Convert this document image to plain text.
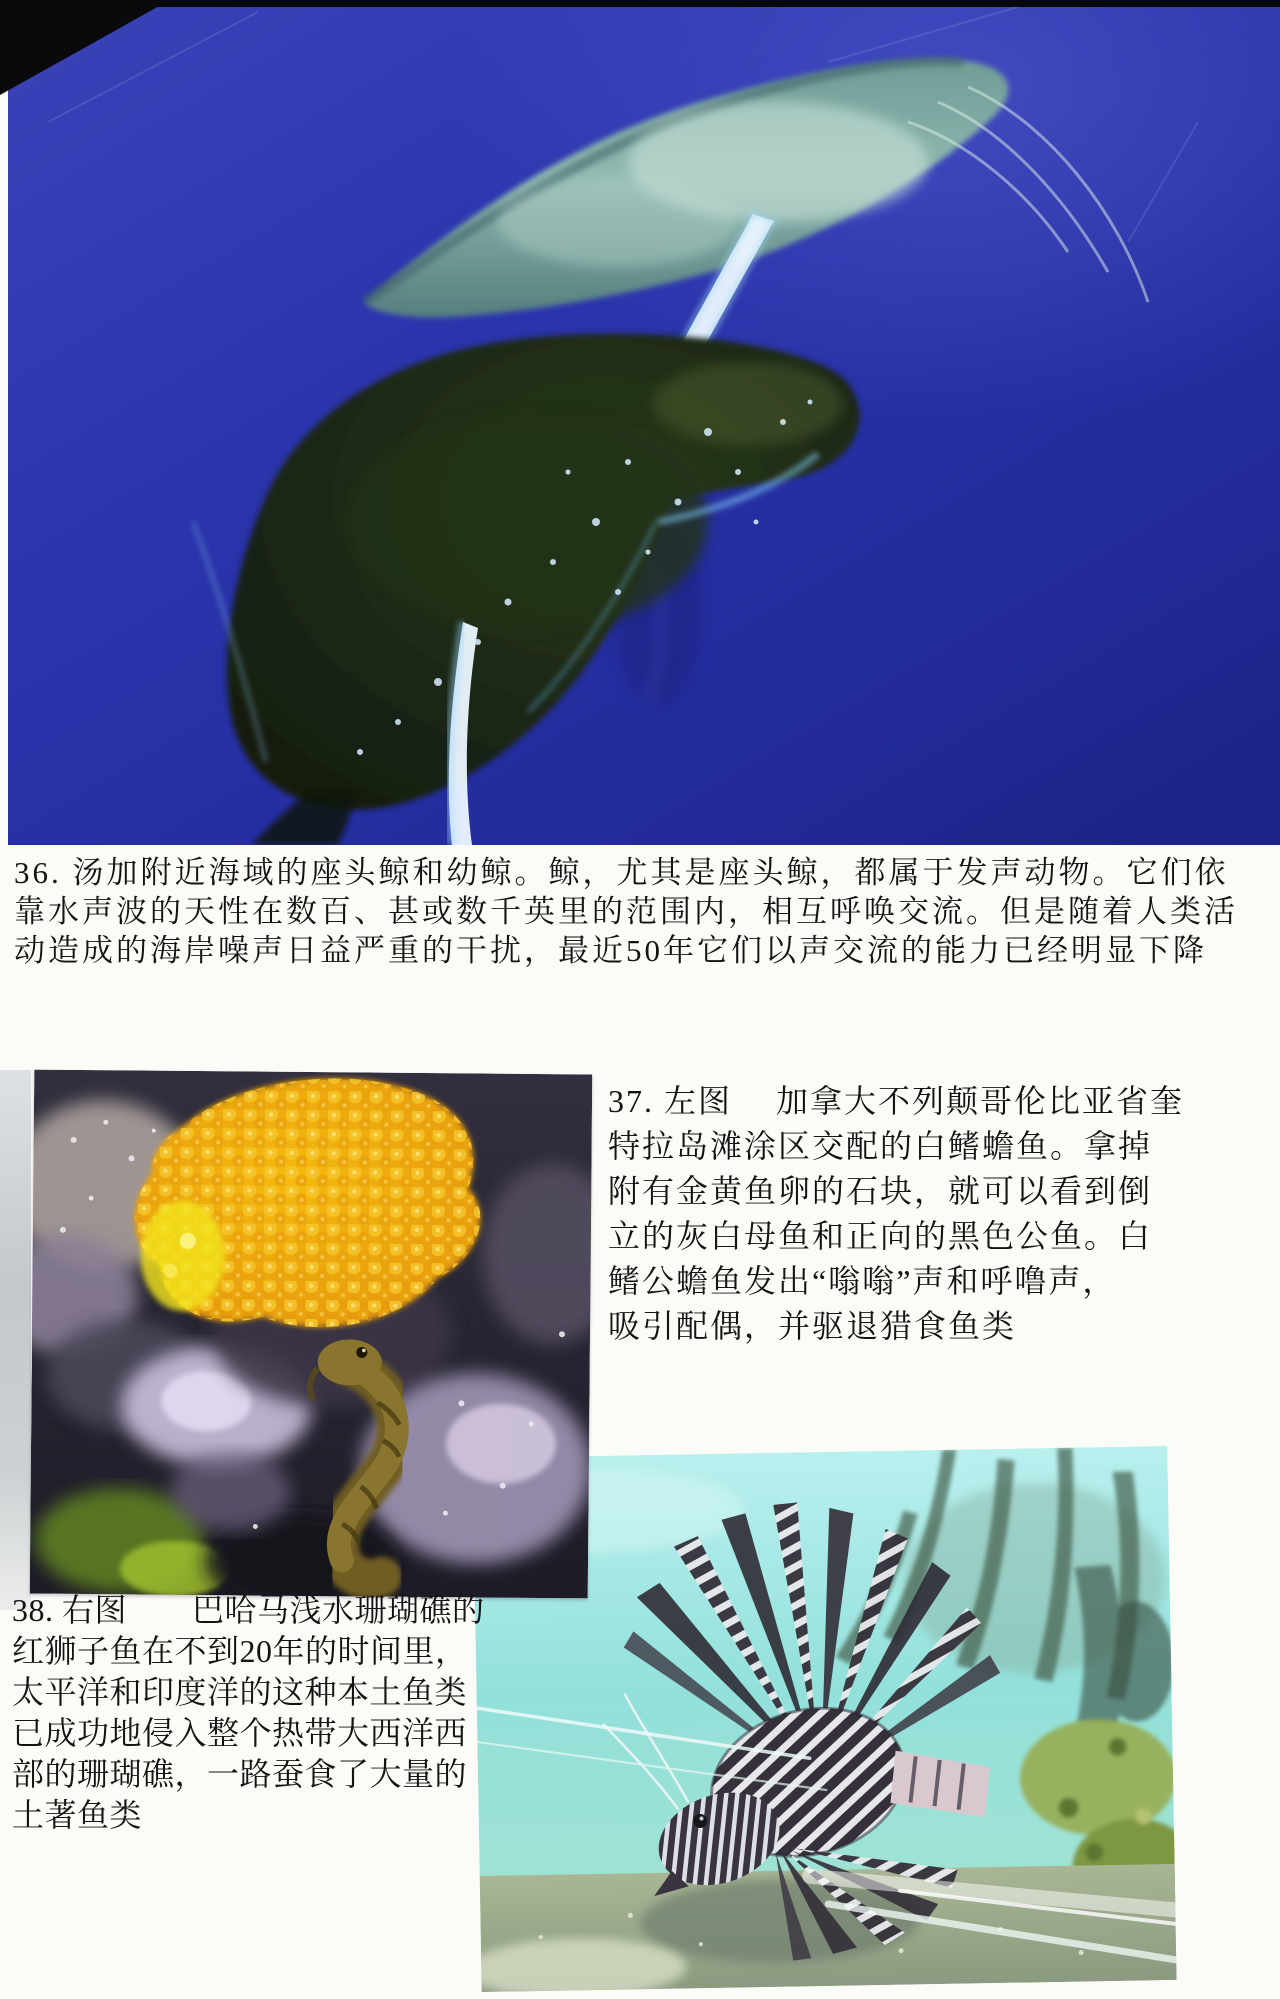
36. 汤加附近海域的座头鲸和幼鲸。鲸，尤其是座头鲸，都属于发声动物。它们依
靠水声波的天性在数百、甚或数千英里的范围内，相互呼唤交流。但是随着人类活
动造成的海岸噪声日益严重的干扰，最近50年它们以声交流的能力已经明显下降
37. 左图　 加拿大不列颠哥伦比亚省奎
特拉岛滩涂区交配的白鳍蟾鱼。拿掉
附有金黄鱼卵的石块，就可以看到倒
立的灰白母鱼和正向的黑色公鱼。白
鳍公蟾鱼发出“嗡嗡”声和呼噜声，
吸引配偶，并驱退猎食鱼类
38. 右图　　巴哈马浅水珊瑚礁的
红狮子鱼在不到20年的时间里，
太平洋和印度洋的这种本土鱼类
已成功地侵入整个热带大西洋西
部的珊瑚礁，一路蚕食了大量的
土著鱼类
